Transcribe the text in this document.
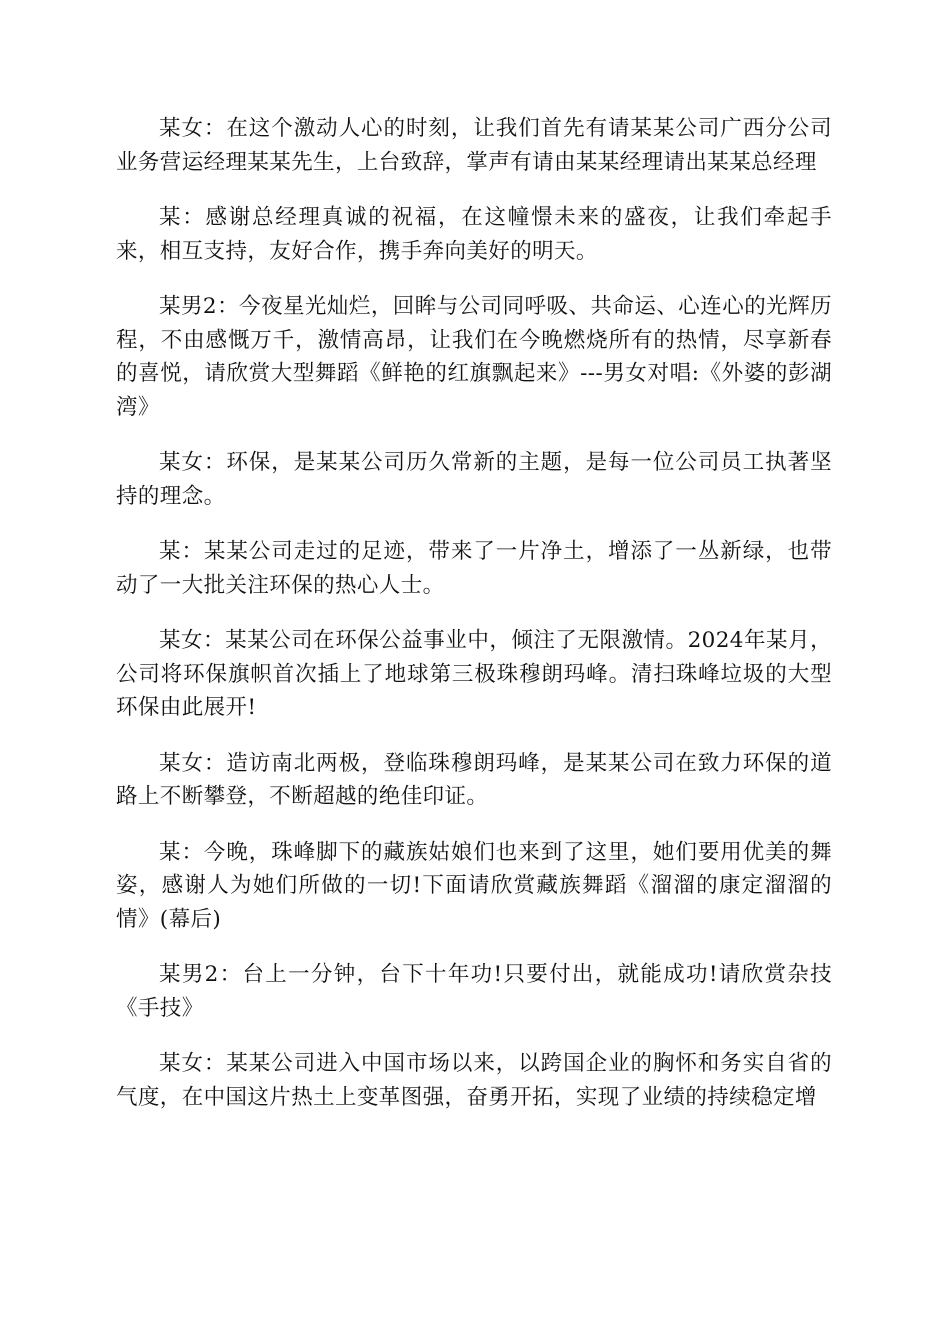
某女：在这个激动人心的时刻，让我们首先有请某某公司广西分公司业务营运经理某某先生，上台致辞，掌声有请由某某经理请出某某总经理

某：感谢总经理真诚的祝福，在这幢憬未来的盛夜，让我们牵起手来，相互支持，友好合作，携手奔向美好的明天。

某男2：今夜星光灿烂，回眸与公司同呼吸、共命运、心连心的光辉历程，不由感慨万千，激情高昂，让我们在今晚燃烧所有的热情，尽享新春的喜悦，请欣赏大型舞蹈《鲜艳的红旗飘起来》---男女对唱:《外婆的彭湖湾》

某女：环保，是某某公司历久常新的主题，是每一位公司员工执著坚持的理念。

某：某某公司走过的足迹，带来了一片净土，增添了一丛新绿，也带动了一大批关注环保的热心人士。

某女：某某公司在环保公益事业中，倾注了无限激情。2024年某月，公司将环保旗帜首次插上了地球第三极珠穆朗玛峰。清扫珠峰垃圾的大型环保由此展开!

某女：造访南北两极，登临珠穆朗玛峰，是某某公司在致力环保的道路上不断攀登，不断超越的绝佳印证。

某：今晚，珠峰脚下的藏族姑娘们也来到了这里，她们要用优美的舞姿，感谢人为她们所做的一切!下面请欣赏藏族舞蹈《溜溜的康定溜溜的情》(幕后)

某男2：台上一分钟，台下十年功!只要付出，就能成功!请欣赏杂技《手技》

某女：某某公司进入中国市场以来，以跨国企业的胸怀和务实自省的气度，在中国这片热土上变革图强，奋勇开拓，实现了业绩的持续稳定增
